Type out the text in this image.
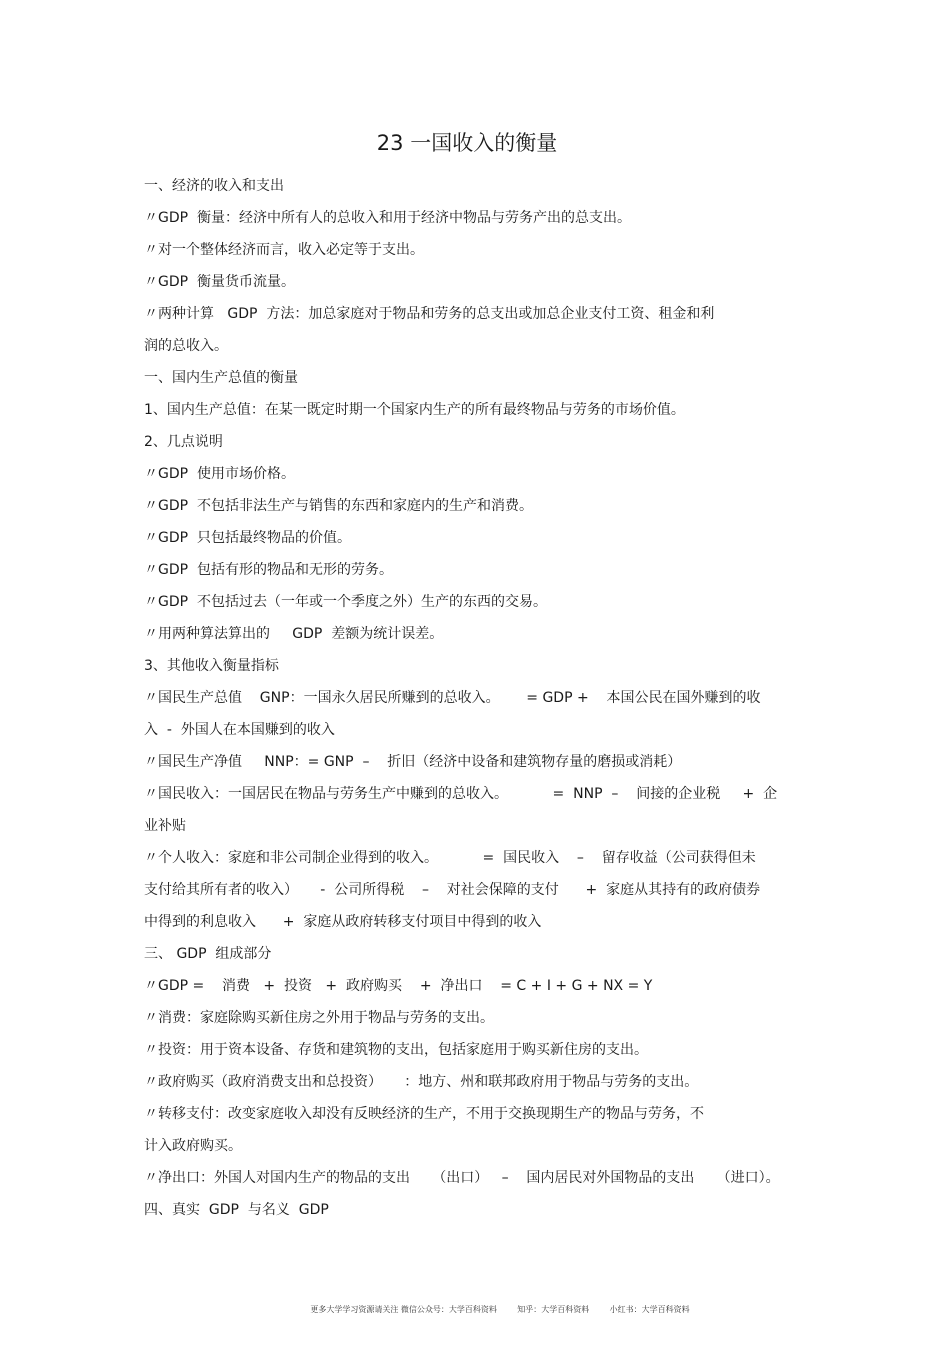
23 一国收入的衡量
一、经济的收入和支出
〃GDP  衡量：经济中所有人的总收入和用于经济中物品与劳务产出的总支出。
〃对一个整体经济而言，收入必定等于支出。
〃GDP  衡量货币流量。
〃两种计算   GDP  方法：加总家庭对于物品和劳务的总支出或加总企业支付工资、租金和利
润的总收入。
一、国内生产总值的衡量
1、国内生产总值：在某一既定时期一个国家内生产的所有最终物品与劳务的市场价值。
2、几点说明
〃GDP  使用市场价格。
〃GDP  不包括非法生产与销售的东西和家庭内的生产和消费。
〃GDP  只包括最终物品的价值。
〃GDP  包括有形的物品和无形的劳务。
〃GDP  不包括过去（一年或一个季度之外）生产的东西的交易。
〃用两种算法算出的     GDP  差额为统计误差。
3、其他收入衡量指标
〃国民生产总值    GNP：一国永久居民所赚到的总收入。      = GDP +    本国公民在国外赚到的收
入  -  外国人在本国赚到的收入
〃国民生产净值     NNP：= GNP  –    折旧（经济中设备和建筑物存量的磨损或消耗）
〃国民收入：一国居民在物品与劳务生产中赚到的总收入。          =  NNP  –    间接的企业税     +  企
业补贴
〃个人收入：家庭和非公司制企业得到的收入。          =  国民收入    –    留存收益（公司获得但未
支付给其所有者的收入）     -  公司所得税    –    对社会保障的支付      +  家庭从其持有的政府债券
中得到的利息收入      +  家庭从政府转移支付项目中得到的收入
三、 GDP  组成部分
〃GDP =    消费   +  投资   +  政府购买    +  净出口    = C + I + G + NX = Y
〃消费：家庭除购买新住房之外用于物品与劳务的支出。
〃投资：用于资本设备、存货和建筑物的支出，包括家庭用于购买新住房的支出。
〃政府购买（政府消费支出和总投资）     ：地方、州和联邦政府用于物品与劳务的支出。
〃转移支付：改变家庭收入却没有反映经济的生产，不用于交换现期生产的物品与劳务，不
计入政府购买。
〃净出口：外国人对国内生产的物品的支出     （出口）   –    国内居民对外国物品的支出     （进口）。
四、真实  GDP  与名义  GDP
更多大学学习资源请关注 微信公众号：大学百科资料        知乎：大学百科资料        小红书：大学百科资料
